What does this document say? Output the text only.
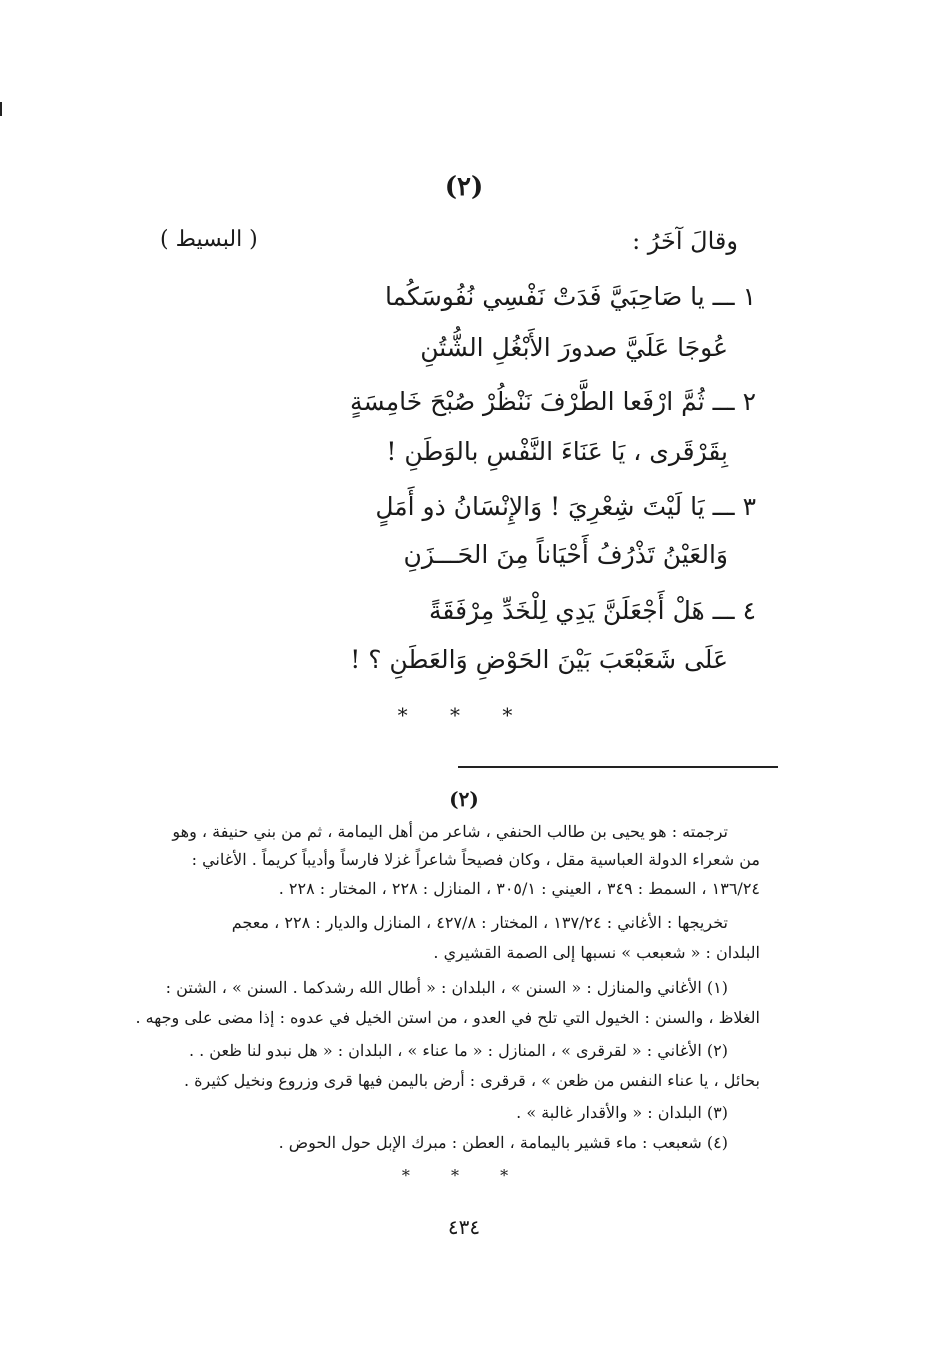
(٢)
وقالَ آخَرُ :
( البسيط )
١ ـــ يا صَاحِبَيَّ فَدَتْ نَفْسِي نُفُوسَكُما
عُوجَا عَلَيَّ صدورَ الأَبْغُلِ الشُّتُنِ
٢ ـــ ثُمَّ ارْفَعا الطَّرْفَ نَنْظُرْ صُبْحَ خَامِسَةٍ
بِقَرْقَرى ، يَا عَنَاءَ النَّفْسِ بالوَطَنِ !
٣ ـــ يَا لَيْتَ شِعْرِيَ ! وَالإِنْسَانُ ذو أَمَلٍ
وَالعَيْنُ تَذْرُفُ أَحْيَاناً مِنَ الحَـــزَنِ
٤ ـــ هَلْ أَجْعَلَنَّ يَدِي لِلْخَدِّ مِرْفَقَةً
عَلَى شَعَبْعَبَ بَيْنَ الحَوْضِ وَالعَطَنِ ؟ !
* * *
(٢)
ترجمته : هو يحيى بن طالب الحنفي ، شاعر من أهل اليمامة ، ثم من بني حنيفة ، وهو
من شعراء الدولة العباسية مقل ، وكان فصيحاً شاعراً غزلا فارساً وأديباً كريماً . الأغاني :
١٣٦/٢٤ ، السمط : ٣٤٩ ، العيني : ٣٠٥/١ ، المنازل : ٢٢٨ ، المختار : ٢٢٨ .
تخريجها : الأغاني : ١٣٧/٢٤ ، المختار : ٤٢٧/٨ ، المنازل والديار : ٢٢٨ ، معجم
البلدان : « شعبعب » نسبها إلى الصمة القشيري .
(١) الأغاني والمنازل : « السنن » ، البلدان : « أطال الله رشدكما . السنن » ، الشتن :
الغلاظ ، والسنن : الخيول التي تلح في العدو ، من استن الخيل في عدوه : إذا مضى على وجهه .
(٢) الأغاني : « لقرقرى » ، المنازل : « ما عناء » ، البلدان : « هل نبدو لنا ظعن . .
بحائل ، يا عناء النفس من ظعن » ، قرقرى : أرض باليمن فيها قرى وزروع ونخيل كثيرة .
(٣) البلدان : « والأقدار غالبة » .
(٤) شعبعب : ماء قشير باليمامة ، العطن : مبرك الإبل حول الحوض .
* * *
٤٣٤
